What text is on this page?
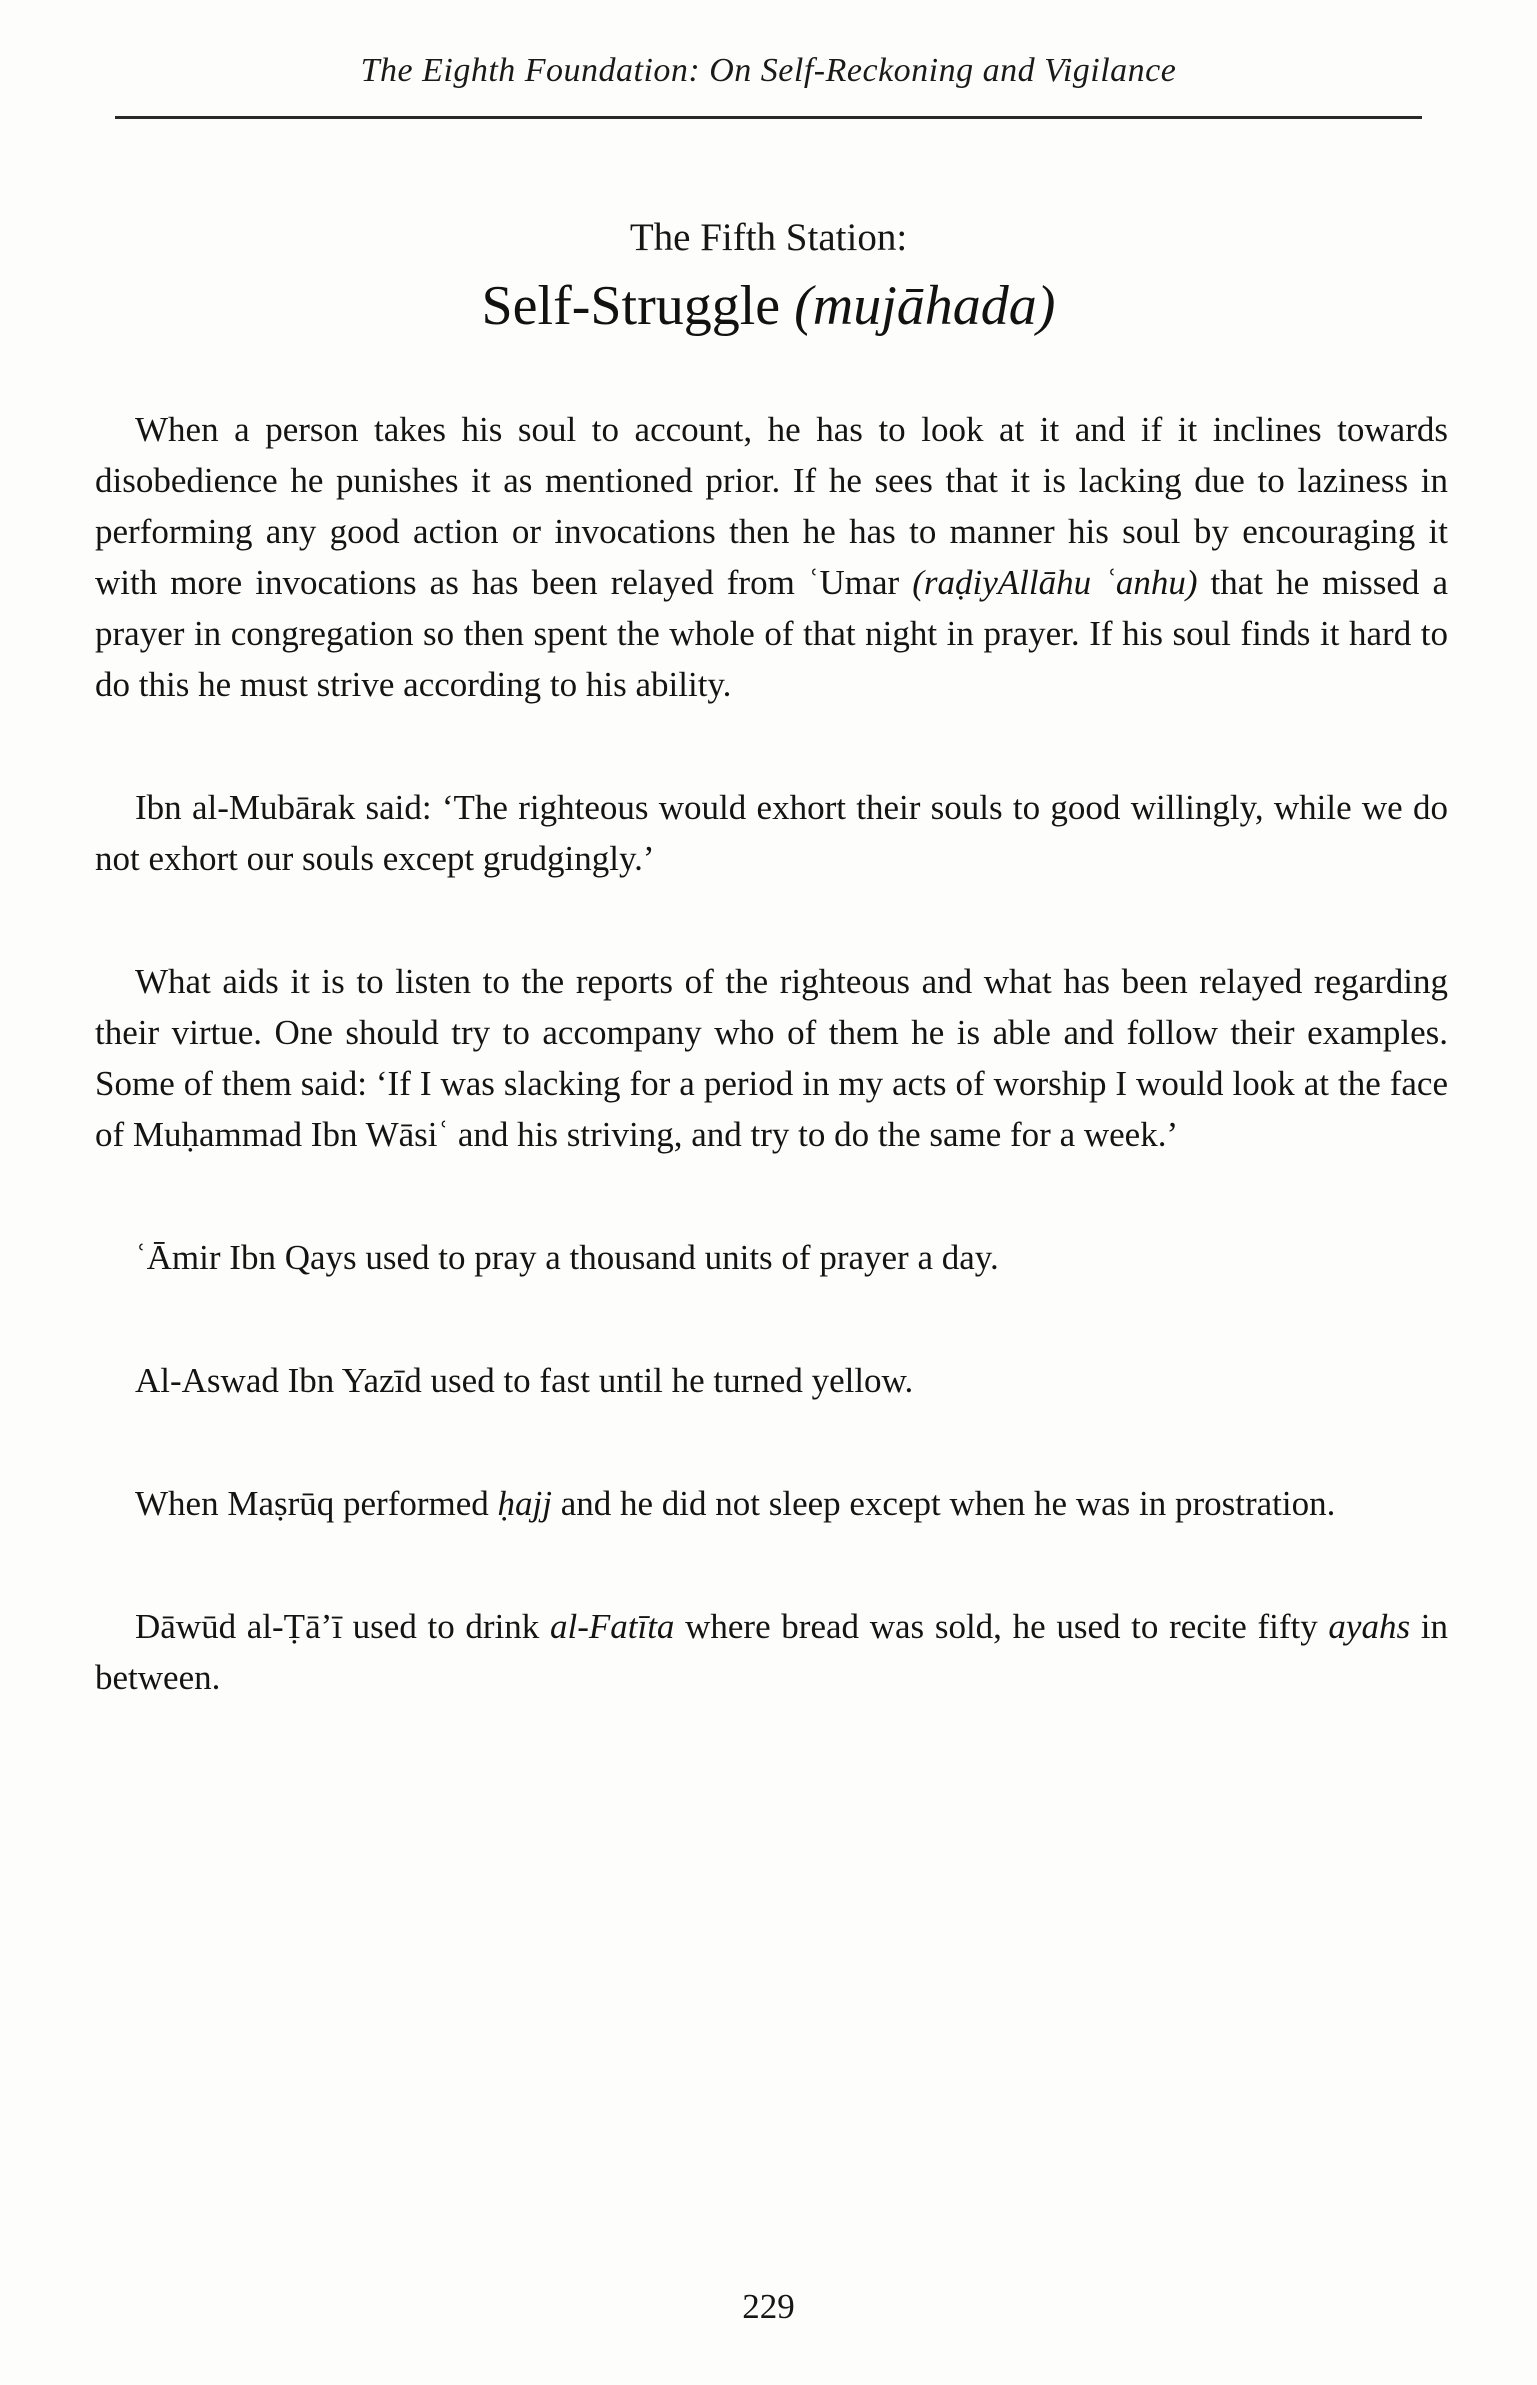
The Eighth Foundation: On Self-Reckoning and Vigilance
The Fifth Station:
Self-Struggle (mujāhada)

When a person takes his soul to account, he has to look at it and if it inclines towards disobedience he punishes it as mentioned prior. If he sees that it is lacking due to laziness in performing any good action or invocations then he has to manner his soul by encouraging it with more invocations as has been relayed from ʿUmar (raḍiyAllāhu ʿanhu) that he missed a prayer in congregation so then spent the whole of that night in prayer. If his soul finds it hard to do this he must strive according to his ability.

Ibn al-Mubārak said: ‘The righteous would exhort their souls to good willingly, while we do not exhort our souls except grudgingly.’

What aids it is to listen to the reports of the righteous and what has been relayed regarding their virtue. One should try to accompany who of them he is able and follow their examples. Some of them said: ‘If I was slacking for a period in my acts of worship I would look at the face of Muḥammad Ibn Wāsiʿ and his striving, and try to do the same for a week.’

ʿĀmir Ibn Qays used to pray a thousand units of prayer a day.

Al-Aswad Ibn Yazīd used to fast until he turned yellow.

When Maṣrūq performed ḥajj and he did not sleep except when he was in prostration.

Dāwūd al-Ṭā’ī used to drink al-Fatīta where bread was sold, he used to recite fifty ayahs in between.

229
